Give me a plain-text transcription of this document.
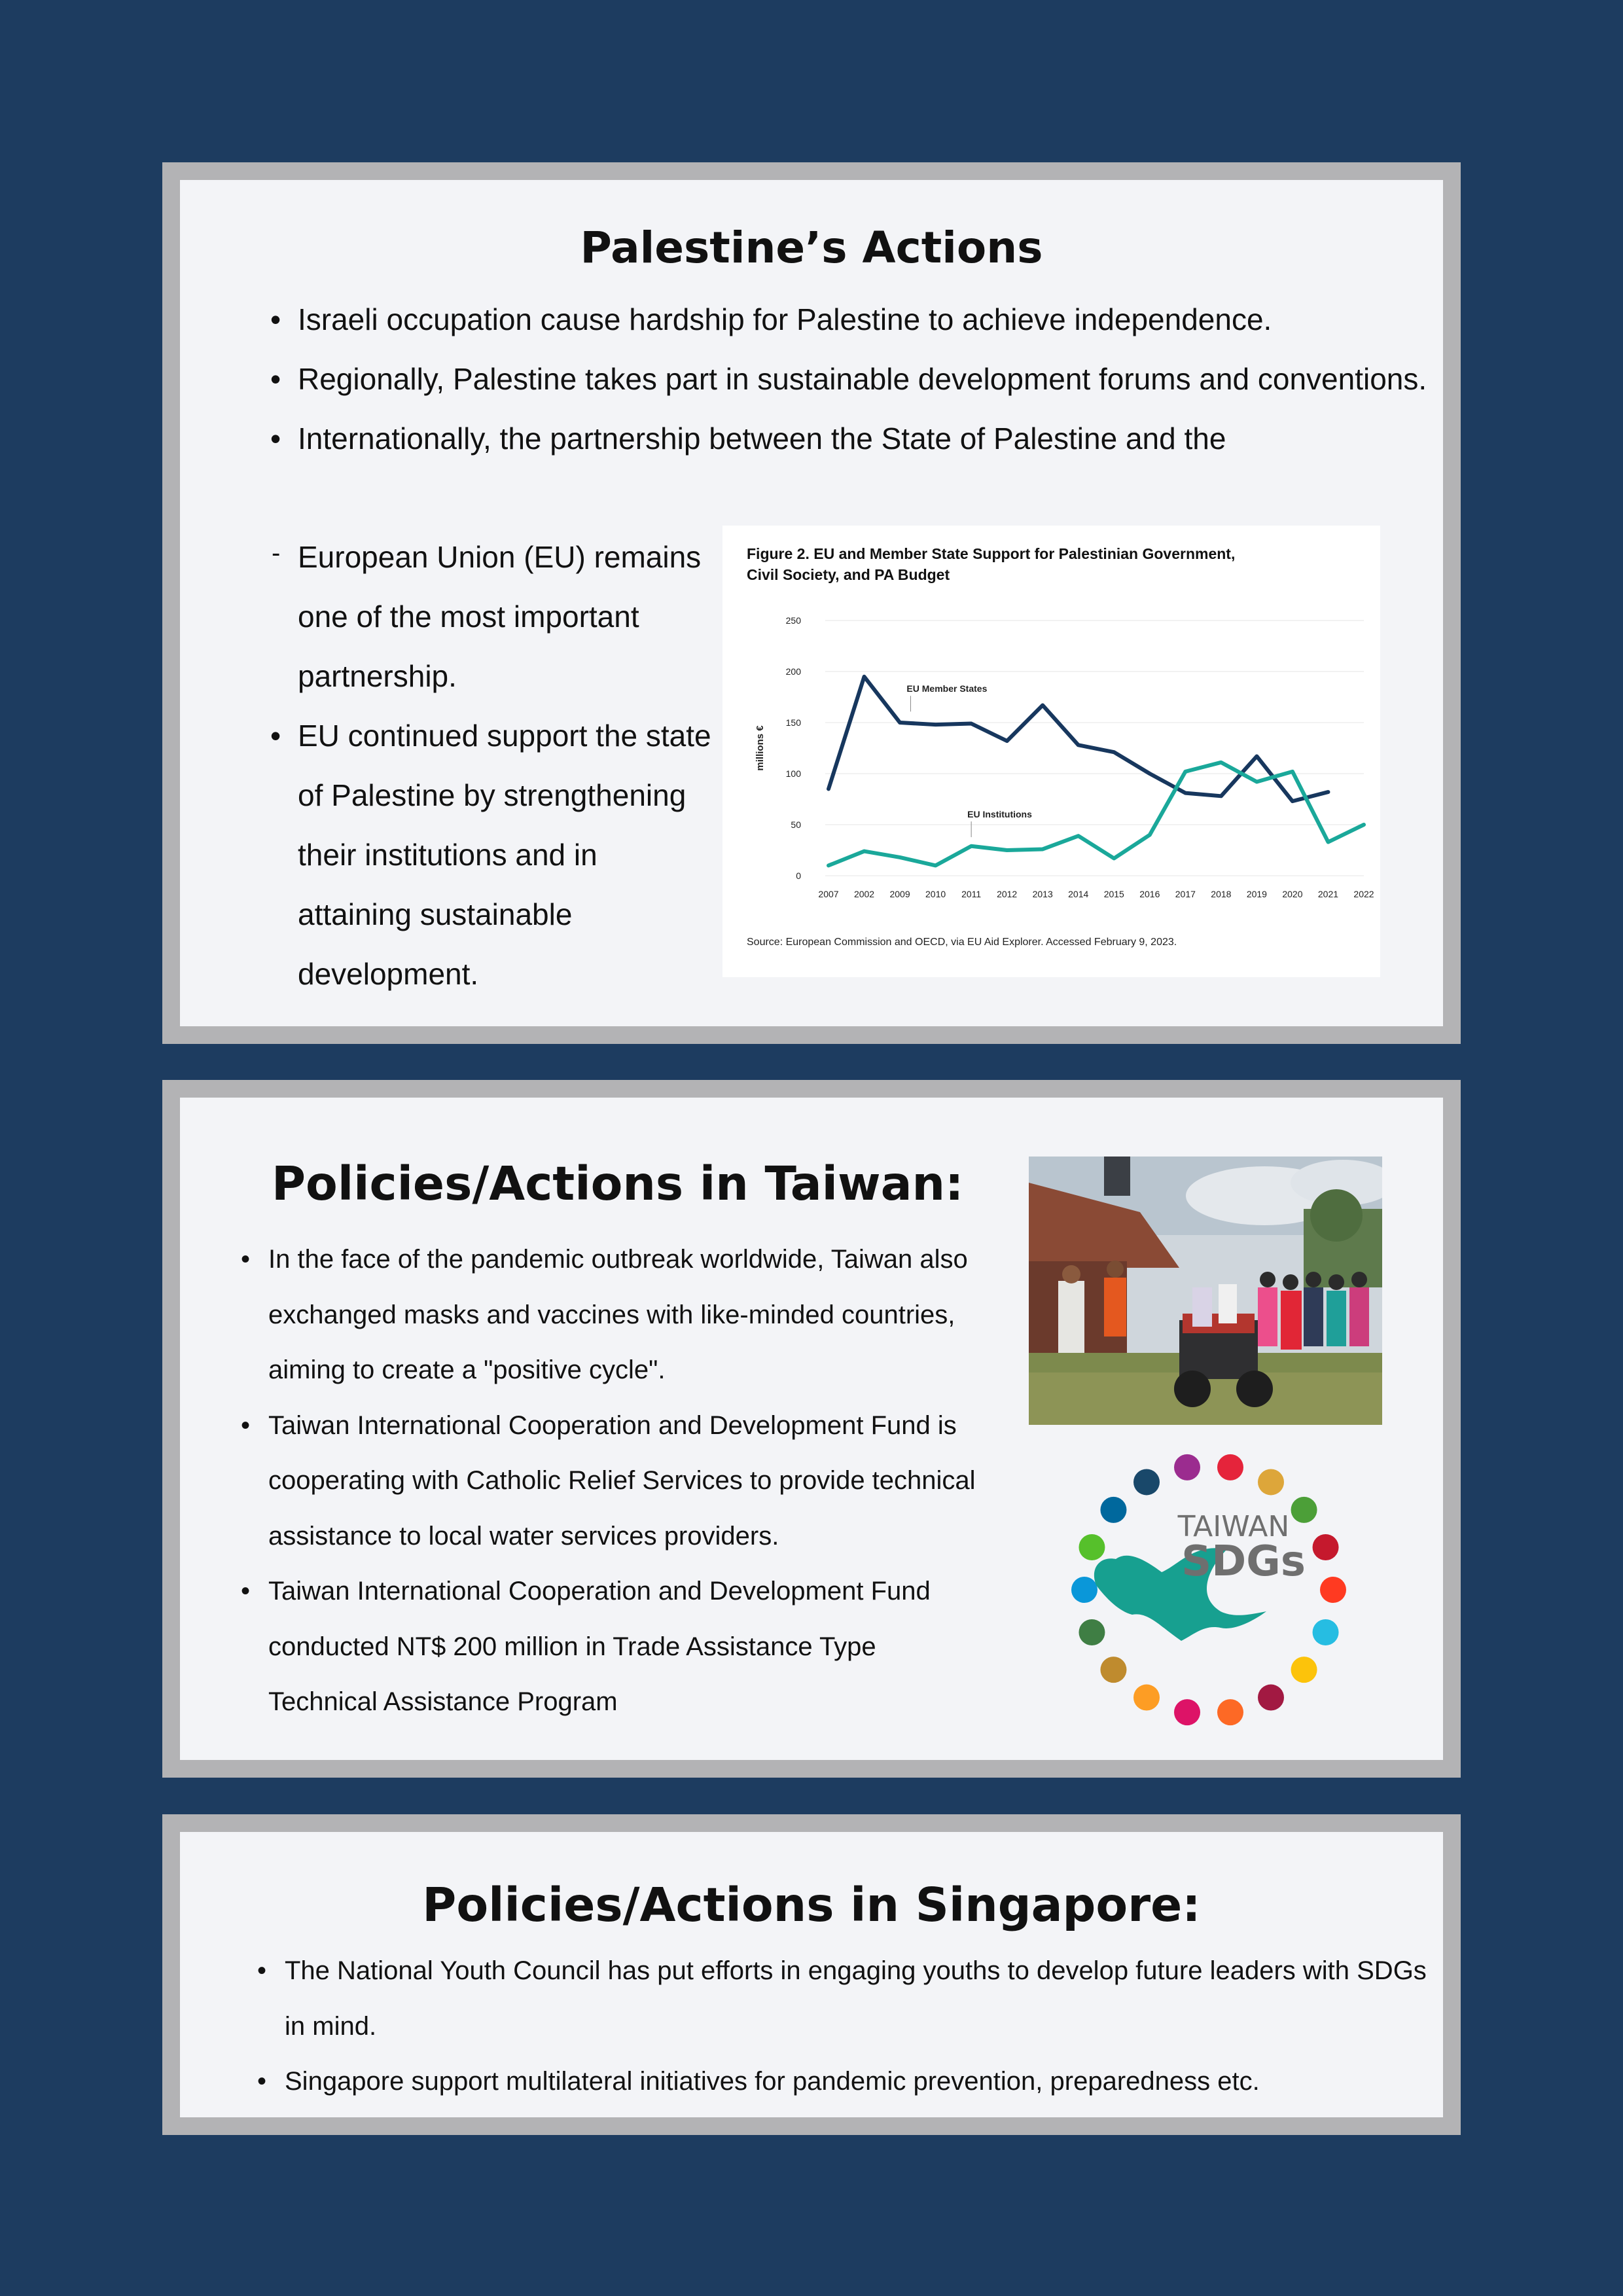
Palestine’s Actions
• Israeli occupation cause hardship for Palestine to achieve independence.
• Regionally, Palestine takes part in sustainable development forums and conventions.
• Internationally, the partnership between the State of Palestine and the
- European Union (EU) remains one of the most important partnership.
• EU continued support the state of Palestine by strengthening their institutions and in attaining sustainable development.
Figure 2. EU and Member State Support for Palestinian Government,
Civil Society, and PA Budget
0
50
100
150
200
250
2007 2002 2009 2010 2011 2012 2013 2014 2015 2016 2017 2018 2019 2020 2021 2022
millions €
EU Member States
EU Institutions
Source: European Commission and OECD, via EU Aid Explorer. Accessed February 9, 2023.
Policies/Actions in Taiwan:
• In the face of the pandemic outbreak worldwide, Taiwan also exchanged masks and vaccines with like-minded countries, aiming to create a "positive cycle".
• Taiwan International Cooperation and Development Fund is cooperating with Catholic Relief Services to provide technical assistance to local water services providers.
• Taiwan International Cooperation and Development Fund conducted NT$ 200 million in Trade Assistance Type Technical Assistance Program
TAIWAN
SDGs
Policies/Actions in Singapore:
• The National Youth Council has put efforts in engaging youths to develop future leaders with SDGs in mind.
• Singapore support multilateral initiatives for pandemic prevention, preparedness etc.
